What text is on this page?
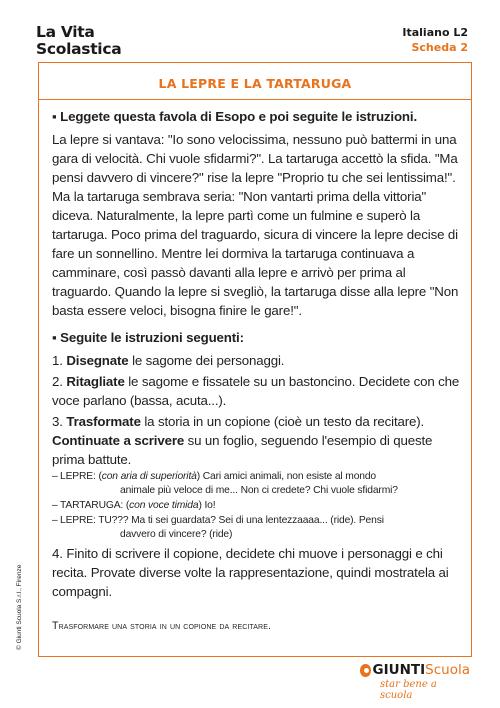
La Vita
Scolastica
Italiano L2
Scheda 2
LA LEPRE E LA TARTARUGA
▪ Leggete questa favola di Esopo e poi seguite le istruzioni.
La lepre si vantava: "Io sono velocissima, nessuno può battermi in una gara di velocità. Chi vuole sfidarmi?". La tartaruga accettò la sfida. "Ma pensi davvero di vincere?" rise la lepre "Proprio tu che sei lentissima!". Ma la tartaruga sembrava seria: "Non vantarti prima della vittoria" diceva. Naturalmente, la lepre partì come un fulmine e superò la tartaruga. Poco prima del traguardo, sicura di vincere la lepre decise di fare un sonnellino. Mentre lei dormiva la tartaruga continuava a camminare, così passò davanti alla lepre e arrivò per prima al traguardo. Quando la lepre si svegliò, la tartaruga disse alla lepre "Non basta essere veloci, bisogna finire le gare!".
▪ Seguite le istruzioni seguenti:
1. Disegnate le sagome dei personaggi.
2. Ritagliate le sagome e fissatele su un bastoncino. Decidete con che voce parlano (bassa, acuta...).
3. Trasformate la storia in un copione (cioè un testo da recitare). Continuate a scrivere su un foglio, seguendo l'esempio di queste prima battute.
– LEPRE: (con aria di superiorità) Cari amici animali, non esiste al mondo
animale più veloce di me... Non ci credete? Chi vuole sfidarmi?
– TARTARUGA: (con voce timida) Io!
– LEPRE: TU??? Ma ti sei guardata? Sei di una lentezzaaaa... (ride). Pensi
davvero di vincere? (ride)
4. Finito di scrivere il copione, decidete chi muove i personaggi e chi recita. Provate diverse volte la rappresentazione, quindi mostratela ai compagni.
Trasformare una storia in un copione da recitare.
© Giunti Scuola S.r.l., Firenze
GIUNTI Scuola
star bene a scuola
